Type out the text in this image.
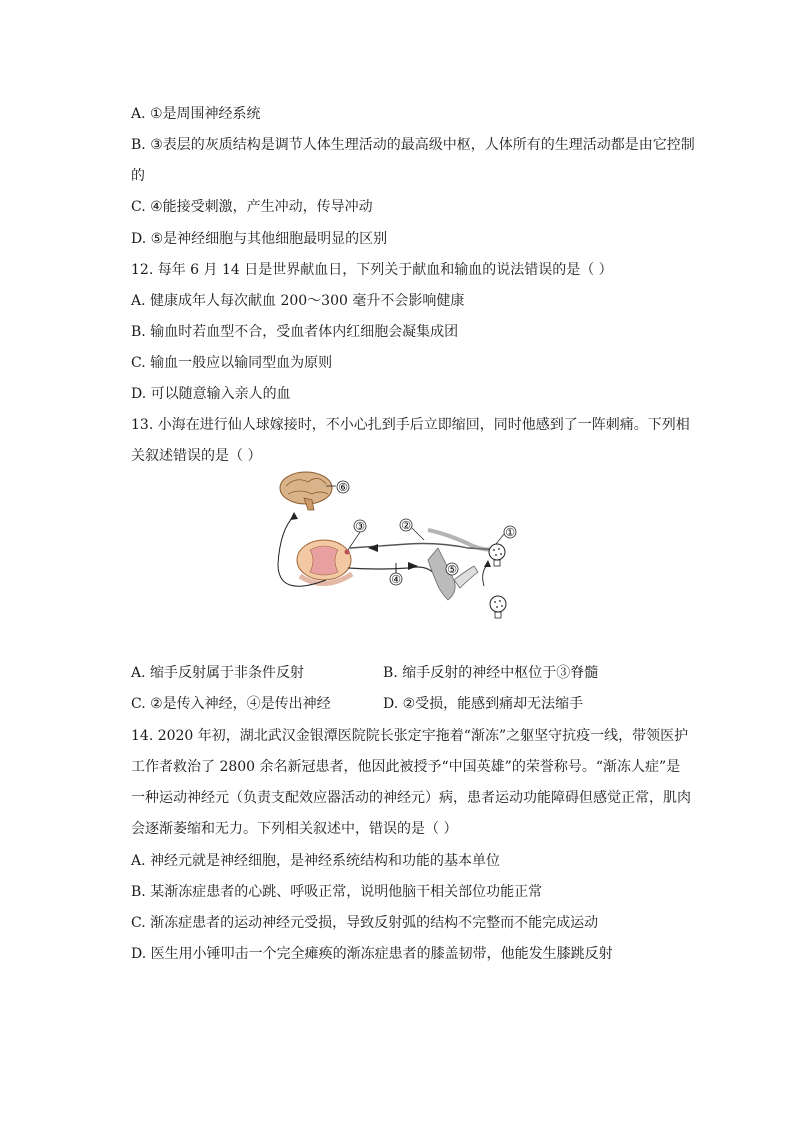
A. ①是周围神经系统
B. ③表层的灰质结构是调节人体生理活动的最高级中枢，人体所有的生理活动都是由它控制
的
C. ④能接受刺激，产生冲动，传导冲动
D. ⑤是神经细胞与其他细胞最明显的区别
12. 每年 6 月 14 日是世界献血日，下列关于献血和输血的说法错误的是（ ）
A. 健康成年人每次献血 200～300 毫升不会影响健康
B. 输血时若血型不合，受血者体内红细胞会凝集成团
C. 输血一般应以输同型血为原则
D. 可以随意输入亲人的血
13. 小海在进行仙人球嫁接时，不小心扎到手后立即缩回，同时他感到了一阵刺痛。下列相
关叙述错误的是（ ）
⑥
③	②
①
④
⑤
A. 缩手反射属于非条件反射	B. 缩手反射的神经中枢位于③脊髓
C. ②是传入神经，④是传出神经	D. ②受损，能感到痛却无法缩手
14. 2020 年初，湖北武汉金银潭医院院长张定宇拖着“渐冻”之躯坚守抗疫一线，带领医护
工作者救治了 2800 余名新冠患者，他因此被授予“中国英雄”的荣誉称号。“渐冻人症”是
一种运动神经元（负责支配效应器活动的神经元）病，患者运动功能障碍但感觉正常，肌肉
会逐渐萎缩和无力。下列相关叙述中，错误的是（ ）
A. 神经元就是神经细胞，是神经系统结构和功能的基本单位
B. 某渐冻症患者的心跳、呼吸正常，说明他脑干相关部位功能正常
C. 渐冻症患者的运动神经元受损，导致反射弧的结构不完整而不能完成运动
D. 医生用小锤叩击一个完全瘫痪的渐冻症患者的膝盖韧带，他能发生膝跳反射
